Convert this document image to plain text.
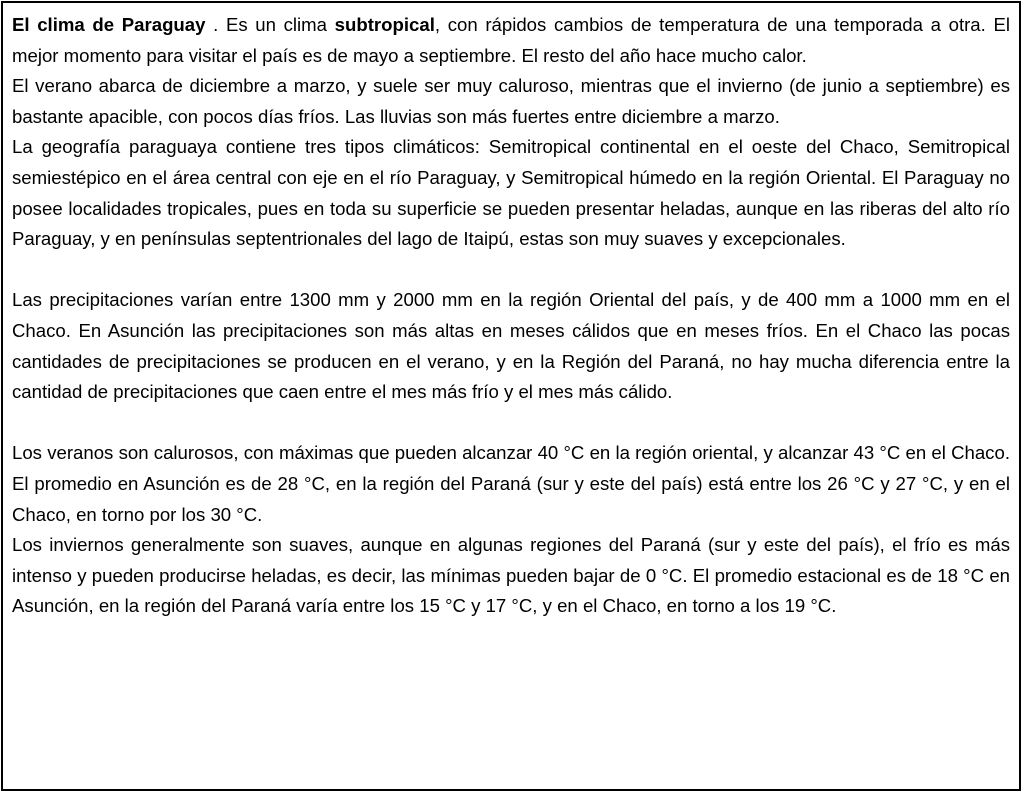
El clima de Paraguay . Es un clima subtropical, con rápidos cambios de temperatura de una temporada a otra. El mejor momento para visitar el país es de mayo a septiembre. El resto del año hace mucho calor.

El verano abarca de diciembre a marzo, y suele ser muy caluroso, mientras que el invierno (de junio a septiembre) es bastante apacible, con pocos días fríos. Las lluvias son más fuertes entre diciembre a marzo.

La geografía paraguaya contiene tres tipos climáticos: Semitropical continental en el oeste del Chaco, Semitropical semiestépico en el área central con eje en el río Paraguay, y Semitropical húmedo en la región Oriental. El Paraguay no posee localidades tropicales, pues en toda su superficie se pueden presentar heladas, aunque en las riberas del alto río Paraguay, y en penínsulas septentrionales del lago de Itaipú, estas son muy suaves y excepcionales.

Las precipitaciones varían entre 1300 mm y 2000 mm en la región Oriental del país, y de 400 mm a 1000 mm en el Chaco. En Asunción las precipitaciones son más altas en meses cálidos que en meses fríos. En el Chaco las pocas cantidades de precipitaciones se producen en el verano, y en la Región del Paraná, no hay mucha diferencia entre la cantidad de precipitaciones que caen entre el mes más frío y el mes más cálido.

Los veranos son calurosos, con máximas que pueden alcanzar 40 °C en la región oriental, y alcanzar 43 °C en el Chaco. El promedio en Asunción es de 28 °C, en la región del Paraná (sur y este del país) está entre los 26 °C y 27 °C, y en el Chaco, en torno por los 30 °C.

Los inviernos generalmente son suaves, aunque en algunas regiones del Paraná (sur y este del país), el frío es más intenso y pueden producirse heladas, es decir, las mínimas pueden bajar de 0 °C. El promedio estacional es de 18 °C en Asunción, en la región del Paraná varía entre los 15 °C y 17 °C, y en el Chaco, en torno a los 19 °C.
